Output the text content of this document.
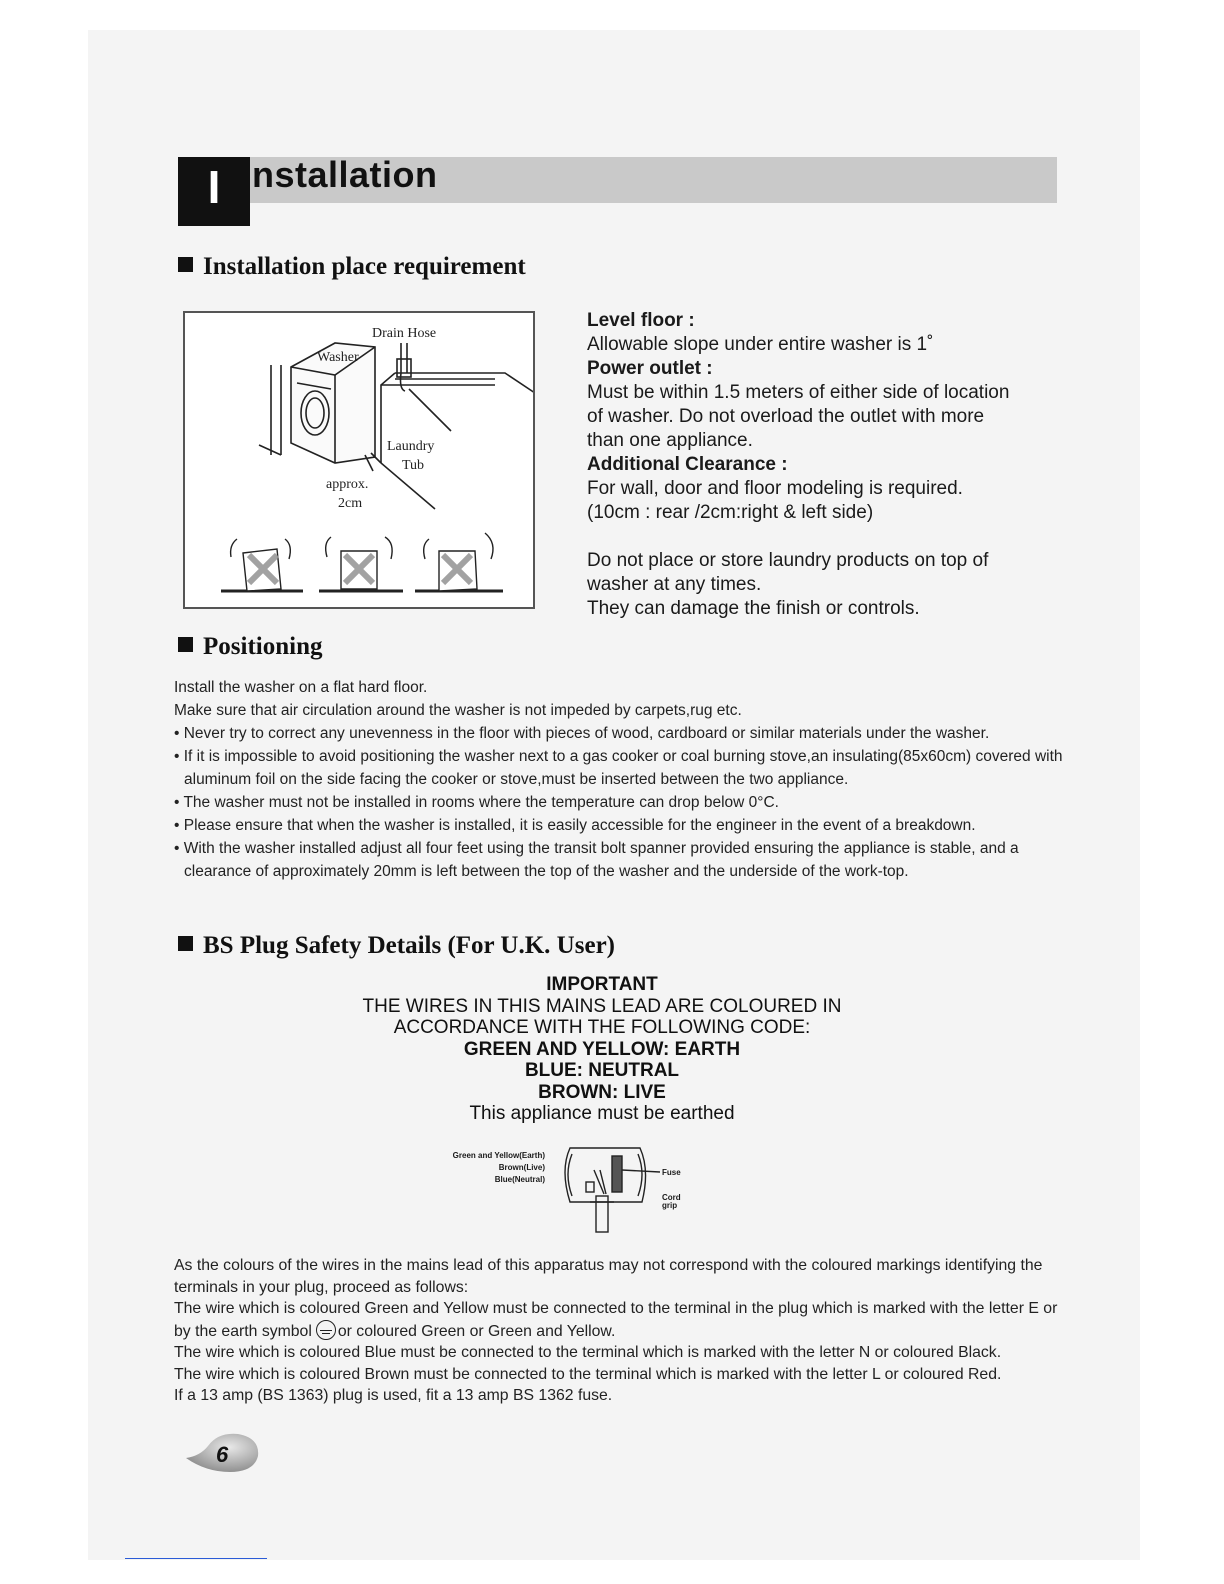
I nstallation
Installation place requirement
Drain Hose
Washer
Laundry
Tub
approx.
2cm
Level floor :
Allowable slope under entire washer is 1˚
Power outlet :
Must be within 1.5 meters of either side of location
of washer. Do not overload the outlet with more
than one appliance.
Additional Clearance :
For wall, door and floor modeling is required.
(10cm : rear /2cm:right & left side)
Do not place or store laundry products on top of
washer at any times.
They can damage the finish or controls.
Positioning
Install the washer on a flat hard floor.
Make sure that air circulation around the washer is not impeded by carpets,rug etc.
• Never try to correct any unevenness in the floor with pieces of wood, cardboard or similar materials under the washer.
• If it is impossible to avoid positioning the washer next to a gas cooker or coal burning stove,an insulating(85x60cm) covered with aluminum foil on the side facing the cooker or stove,must be inserted between the two appliance.
• The washer must not be installed in rooms where the temperature can drop below 0°C.
• Please ensure that when the washer is installed, it is easily accessible for the engineer in the event of a breakdown.
• With the washer installed adjust all four feet using the transit bolt spanner provided ensuring the appliance is stable, and a clearance of approximately 20mm is left between the top of the washer and the underside of the work-top.
BS Plug Safety Details (For U.K. User)
IMPORTANT
THE WIRES IN THIS MAINS LEAD ARE COLOURED IN
ACCORDANCE WITH THE FOLLOWING CODE:
GREEN AND YELLOW: EARTH
BLUE: NEUTRAL
BROWN: LIVE
This appliance must be earthed
Green and Yellow(Earth)
Brown(Live)
Blue(Neutral)
Fuse
Cord
grip
As the colours of the wires in the mains lead of this apparatus may not correspond with the coloured markings identifying the terminals in your plug, proceed as follows:
The wire which is coloured Green and Yellow must be connected to the terminal in the plug which is marked with the letter E or by the earth symbol or coloured Green or Green and Yellow.
The wire which is coloured Blue must be connected to the terminal which is marked with the letter N or coloured Black.
The wire which is coloured Brown must be connected to the terminal which is marked with the letter L or coloured Red.
If a 13 amp (BS 1363) plug is used, fit a 13 amp BS 1362 fuse.
6
